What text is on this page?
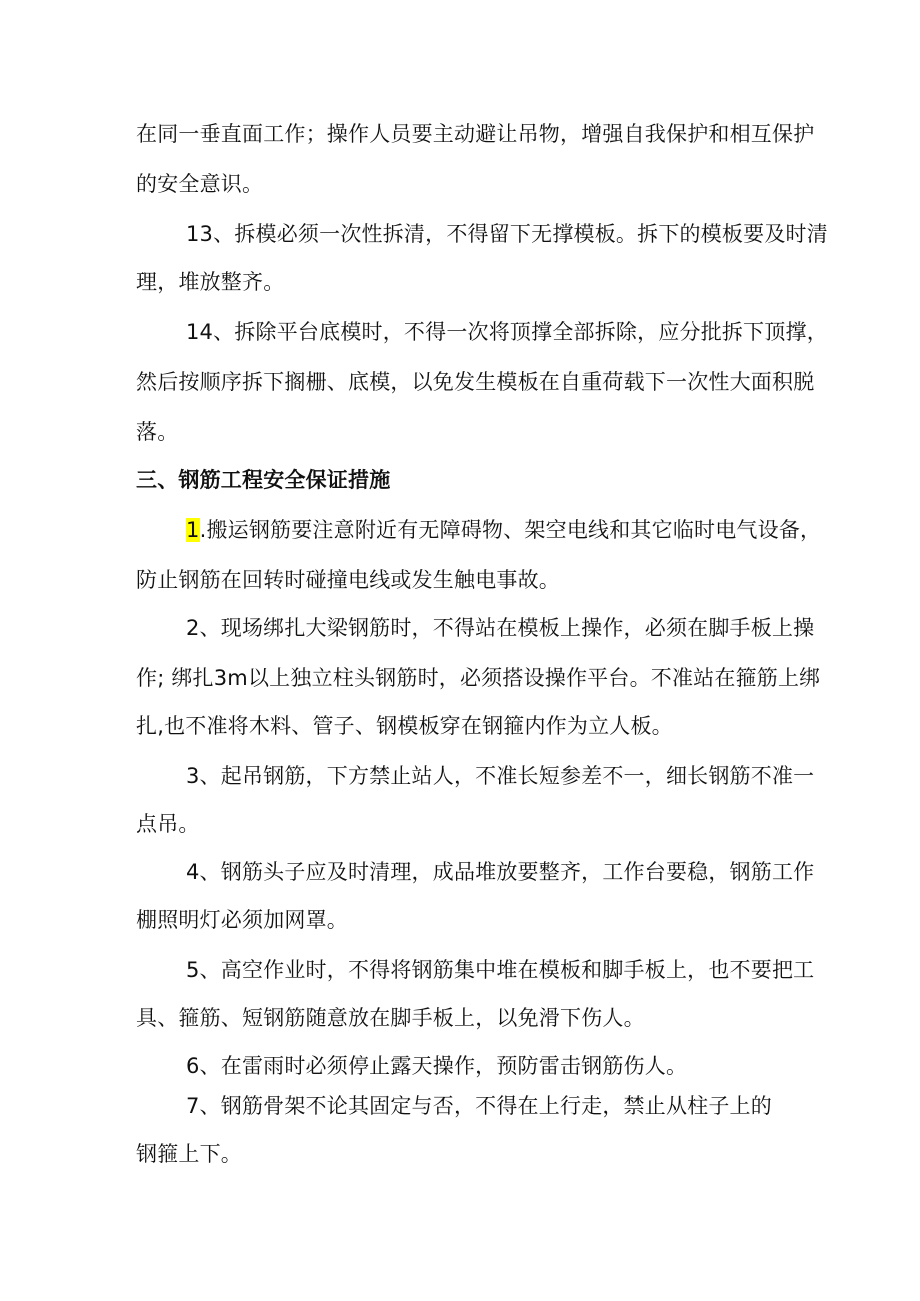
在同一垂直面工作；操作人员要主动避让吊物，增强自我保护和相互保护
的安全意识。
13、拆模必须一次性拆清，不得留下无撑模板。拆下的模板要及时清
理，堆放整齐。
14、拆除平台底模时，不得一次将顶撑全部拆除，应分批拆下顶撑，
然后按顺序拆下搁栅、底模，以免发生模板在自重荷载下一次性大面积脱
落。
三、钢筋工程安全保证措施
1.搬运钢筋要注意附近有无障碍物、架空电线和其它临时电气设备，
防止钢筋在回转时碰撞电线或发生触电事故。
2、现场绑扎大梁钢筋时，不得站在模板上操作，必须在脚手板上操
作; 绑扎3m以上独立柱头钢筋时，必须搭设操作平台。不准站在箍筋上绑
扎,也不准将木料、管子、钢模板穿在钢箍内作为立人板。
3、起吊钢筋，下方禁止站人，不准长短参差不一，细长钢筋不准一
点吊。
4、钢筋头子应及时清理，成品堆放要整齐，工作台要稳，钢筋工作
棚照明灯必须加网罩。
5、高空作业时，不得将钢筋集中堆在模板和脚手板上，也不要把工
具、箍筋、短钢筋随意放在脚手板上，以免滑下伤人。
6、在雷雨时必须停止露天操作，预防雷击钢筋伤人。
7、钢筋骨架不论其固定与否，不得在上行走，禁止从柱子上的
钢箍上下。
